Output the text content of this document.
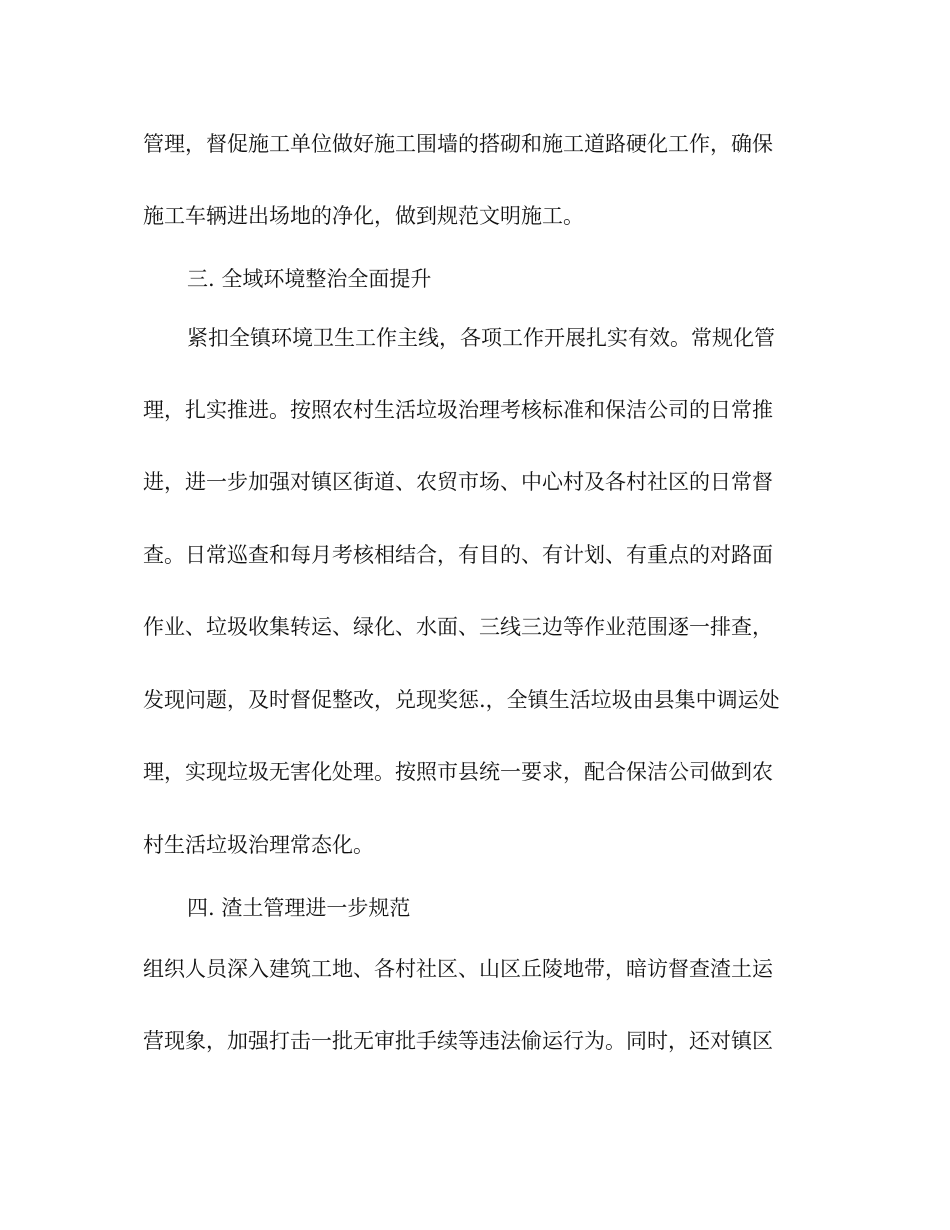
管理，督促施工单位做好施工围墙的搭砌和施工道路硬化工作，确保
施工车辆进出场地的净化，做到规范文明施工。
三. 全域环境整治全面提升
紧扣全镇环境卫生工作主线，各项工作开展扎实有效。常规化管
理，扎实推进。按照农村生活垃圾治理考核标准和保洁公司的日常推
进，进一步加强对镇区街道、农贸市场、中心村及各村社区的日常督
查。日常巡查和每月考核相结合，有目的、有计划、有重点的对路面
作业、垃圾收集转运、绿化、水面、三线三边等作业范围逐一排查，
发现问题，及时督促整改，兑现奖惩.，全镇生活垃圾由县集中调运处
理，实现垃圾无害化处理。按照市县统一要求，配合保洁公司做到农
村生活垃圾治理常态化。
四. 渣土管理进一步规范
组织人员深入建筑工地、各村社区、山区丘陵地带，暗访督查渣土运
营现象，加强打击一批无审批手续等违法偷运行为。同时，还对镇区
